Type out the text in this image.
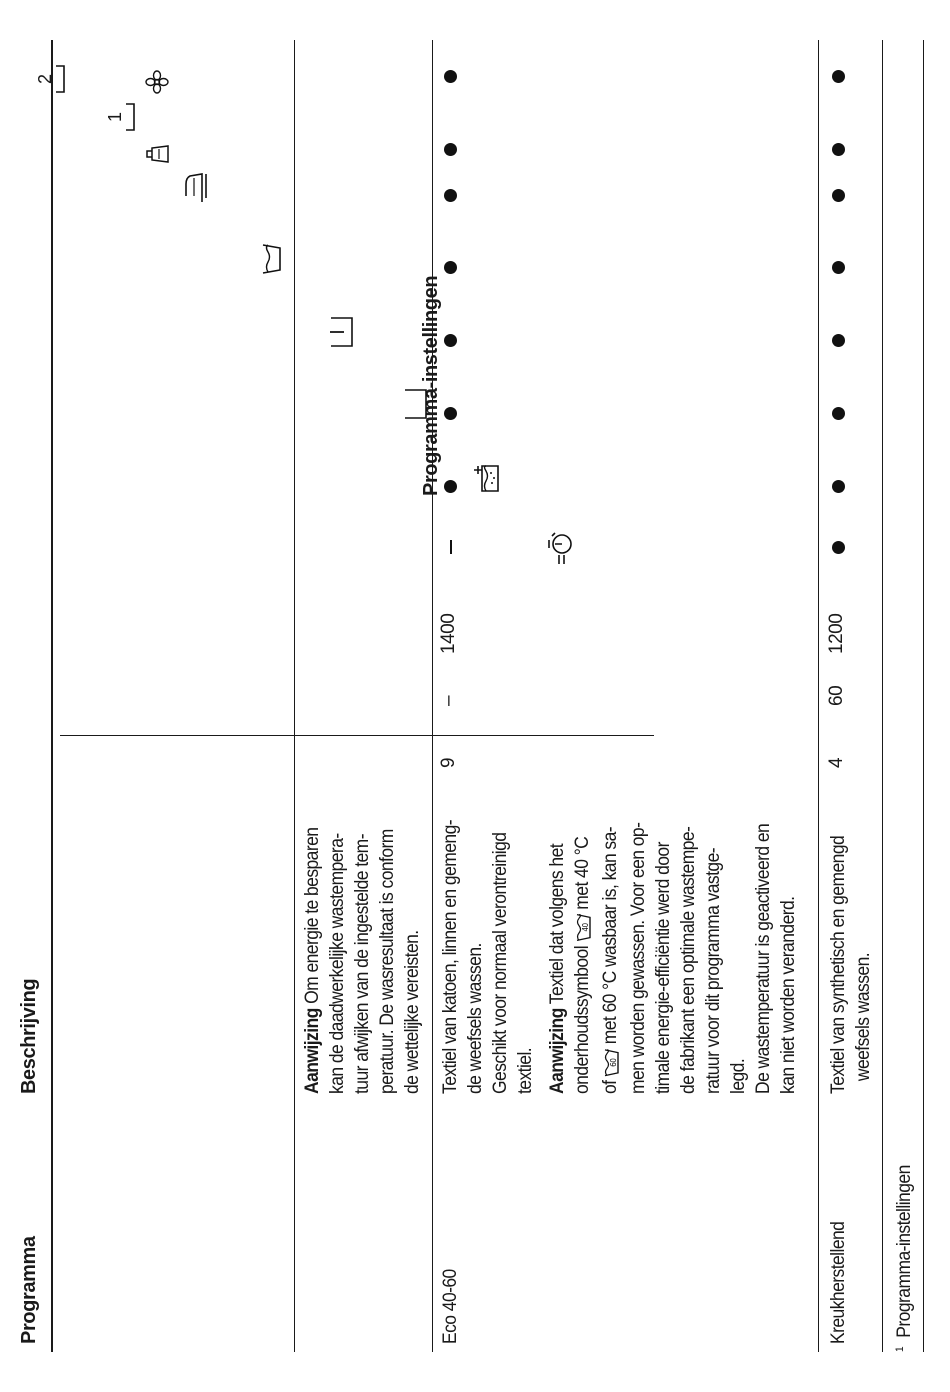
Programma
Beschrijving
Programma-instellingen
1
2

Aanwijzing Om energie te besparen kan de daadwerkelijke wastempera- tuur afwijken van de ingestelde tem- peratuur. De wasresultaat is conform de wettelijke vereisten.

Eco 40-60

Textiel van katoen, linnen en gemeng- de weefsels wassen. Geschikt voor normaal verontreinigd textiel. Aanwijzing Textiel dat volgens het

onderhoudssymbool
40
met 40 °C

of
60
met 60 °C wasbaar is, kan sa- men worden gewassen. Voor een op- timale energie-efficiëntie werd door de fabrikant een optimale wastempe- ratuur voor dit programma vastge- legd. De wastemperatuur is geactiveerd en kan niet worden veranderd.

9
–
1400
Kreukherstellend

Textiel van synthetisch en gemengd weefsels wassen.

4
60
1200
$^1$Programma-instellingen
